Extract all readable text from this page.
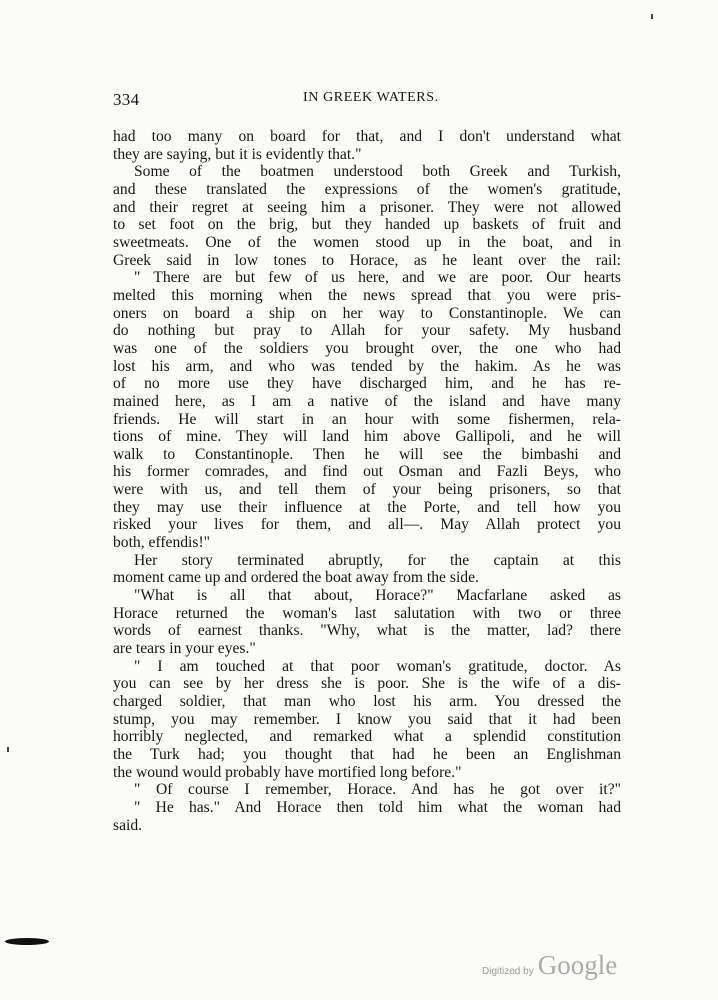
334	IN GREEK WATERS.
had too many on board for that, and I don't understand what
they are saying, but it is evidently that."
Some of the boatmen understood both Greek and Turkish,
and these translated the expressions of the women's gratitude,
and their regret at seeing him a prisoner. They were not allowed
to set foot on the brig, but they handed up baskets of fruit and
sweetmeats. One of the women stood up in the boat, and in
Greek said in low tones to Horace, as he leant over the rail:
" There are but few of us here, and we are poor. Our hearts
melted this morning when the news spread that you were pris-
oners on board a ship on her way to Constantinople. We can
do nothing but pray to Allah for your safety. My husband
was one of the soldiers you brought over, the one who had
lost his arm, and who was tended by the hakim. As he was
of no more use they have discharged him, and he has re-
mained here, as I am a native of the island and have many
friends. He will start in an hour with some fishermen, rela-
tions of mine. They will land him above Gallipoli, and he will
walk to Constantinople. Then he will see the bimbashi and
his former comrades, and find out Osman and Fazli Beys, who
were with us, and tell them of your being prisoners, so that
they may use their influence at the Porte, and tell how you
risked your lives for them, and all—. May Allah protect you
both, effendis!"
Her story terminated abruptly, for the captain at this
moment came up and ordered the boat away from the side.
"What is all that about, Horace?" Macfarlane asked as
Horace returned the woman's last salutation with two or three
words of earnest thanks. "Why, what is the matter, lad? there
are tears in your eyes."
" I am touched at that poor woman's gratitude, doctor. As
you can see by her dress she is poor. She is the wife of a dis-
charged soldier, that man who lost his arm. You dressed the
stump, you may remember. I know you said that it had been
horribly neglected, and remarked what a splendid constitution
the Turk had; you thought that had he been an Englishman
the wound would probably have mortified long before."
" Of course I remember, Horace. And has he got over it?"
" He has." And Horace then told him what the woman had
said.
Digitized by Google
